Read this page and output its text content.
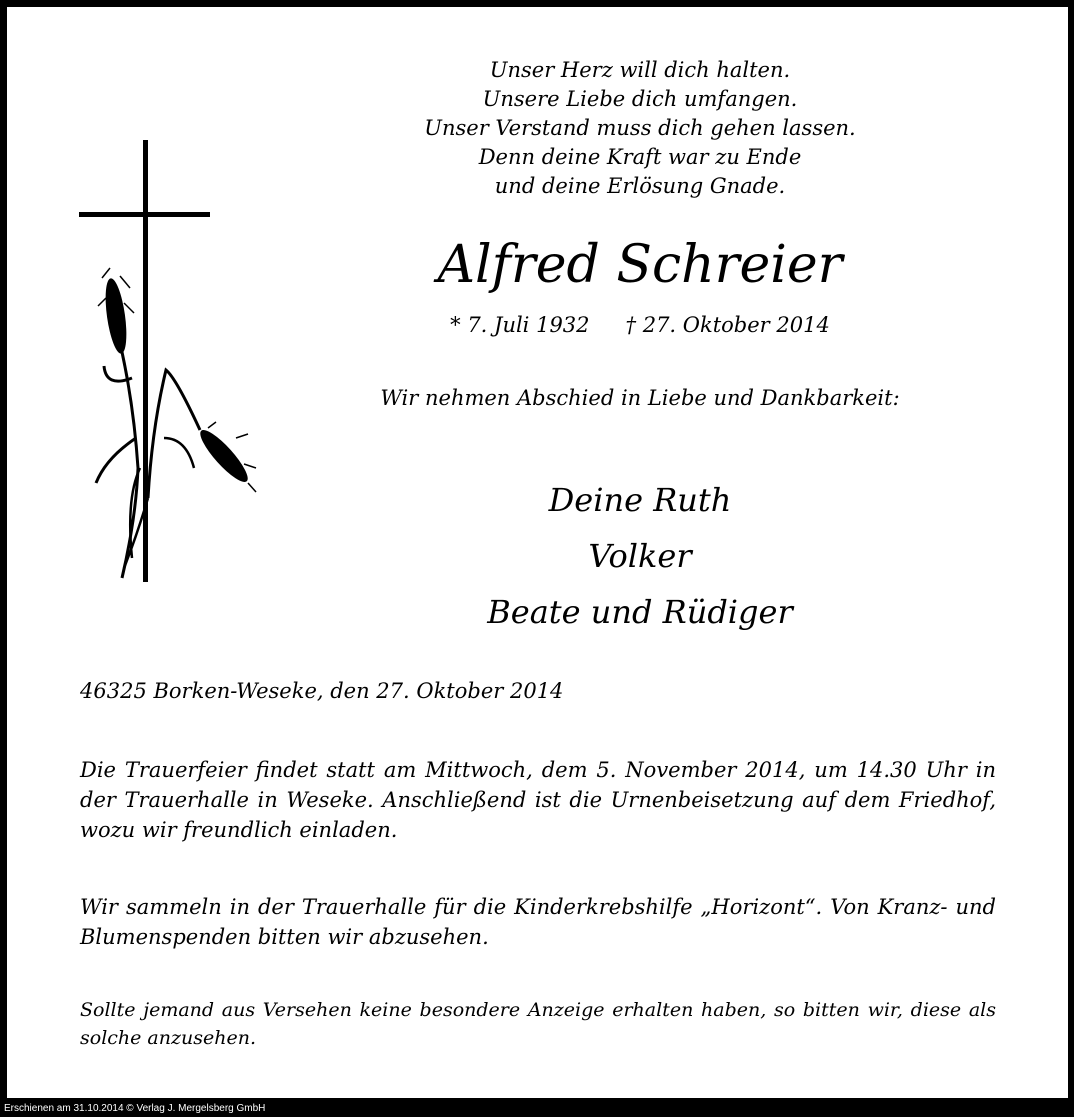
Unser Herz will dich halten.
Unsere Liebe dich umfangen.
Unser Verstand muss dich gehen lassen.
Denn deine Kraft war zu Ende
und deine Erlösung Gnade.
Alfred Schreier
* 7. Juli 1932 † 27. Oktober 2014
Wir nehmen Abschied in Liebe und Dankbarkeit:
Deine Ruth
Volker
Beate und Rüdiger
46325 Borken-Weseke, den 27. Oktober 2014
Die Trauerfeier findet statt am Mittwoch, dem 5. November 2014, um 14.30 Uhr in der Trauerhalle in Weseke. Anschließend ist die Urnenbeisetzung auf dem Friedhof, wozu wir freundlich einladen.
Wir sammeln in der Trauerhalle für die Kinderkrebshilfe „Horizont“. Von Kranz- und Blumenspenden bitten wir abzusehen.
Sollte jemand aus Versehen keine besondere Anzeige erhalten haben, so bitten wir, diese als solche anzusehen.
Erschienen am 31.10.2014 © Verlag J. Mergelsberg GmbH
